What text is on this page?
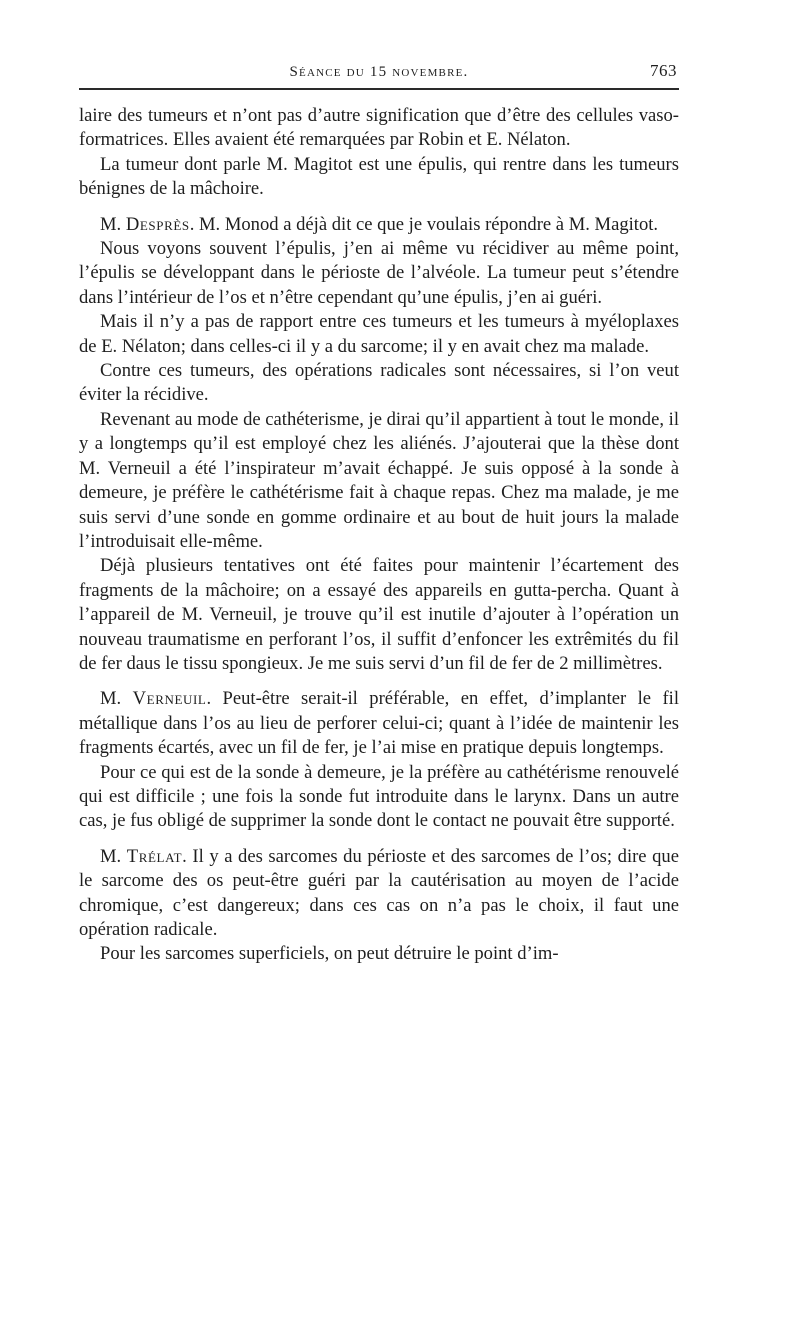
Séance du 15 novembre.	763

laire des tumeurs et n’ont pas d’autre signification que d’être des cellules vaso-formatrices. Elles avaient été remarquées par Robin et E. Nélaton.

La tumeur dont parle M. Magitot est une épulis, qui rentre dans les tumeurs bénignes de la mâchoire.

M. Desprès. M. Monod a déjà dit ce que je voulais répondre à M. Magitot.

Nous voyons souvent l’épulis, j’en ai même vu récidiver au même point, l’épulis se développant dans le périoste de l’alvéole. La tumeur peut s’étendre dans l’intérieur de l’os et n’être cependant qu’une épulis, j’en ai guéri.

Mais il n’y a pas de rapport entre ces tumeurs et les tumeurs à myéloplaxes de E. Nélaton; dans celles-ci il y a du sarcome; il y en avait chez ma malade.

Contre ces tumeurs, des opérations radicales sont nécessaires, si l’on veut éviter la récidive.

Revenant au mode de cathéterisme, je dirai qu’il appartient à tout le monde, il y a longtemps qu’il est employé chez les aliénés. J’ajouterai que la thèse dont M. Verneuil a été l’inspirateur m’avait échappé. Je suis opposé à la sonde à demeure, je préfère le cathétérisme fait à chaque repas. Chez ma malade, je me suis servi d’une sonde en gomme ordinaire et au bout de huit jours la malade l’introduisait elle-même.

Déjà plusieurs tentatives ont été faites pour maintenir l’écartement des fragments de la mâchoire; on a essayé des appareils en gutta-percha. Quant à l’appareil de M. Verneuil, je trouve qu’il est inutile d’ajouter à l’opération un nouveau traumatisme en perforant l’os, il suffit d’enfoncer les extrêmités du fil de fer daus le tissu spongieux. Je me suis servi d’un fil de fer de 2 millimètres.

M. Verneuil. Peut-être serait-il préférable, en effet, d’implanter le fil métallique dans l’os au lieu de perforer celui-ci; quant à l’idée de maintenir les fragments écartés, avec un fil de fer, je l’ai mise en pratique depuis longtemps.

Pour ce qui est de la sonde à demeure, je la préfère au cathétérisme renouvelé qui est difficile ; une fois la sonde fut introduite dans le larynx. Dans un autre cas, je fus obligé de supprimer la sonde dont le contact ne pouvait être supporté.

M. Trélat. Il y a des sarcomes du périoste et des sarcomes de l’os; dire que le sarcome des os peut-être guéri par la cautérisation au moyen de l’acide chromique, c’est dangereux; dans ces cas on n’a pas le choix, il faut une opération radicale.

Pour les sarcomes superficiels, on peut détruire le point d’im-
